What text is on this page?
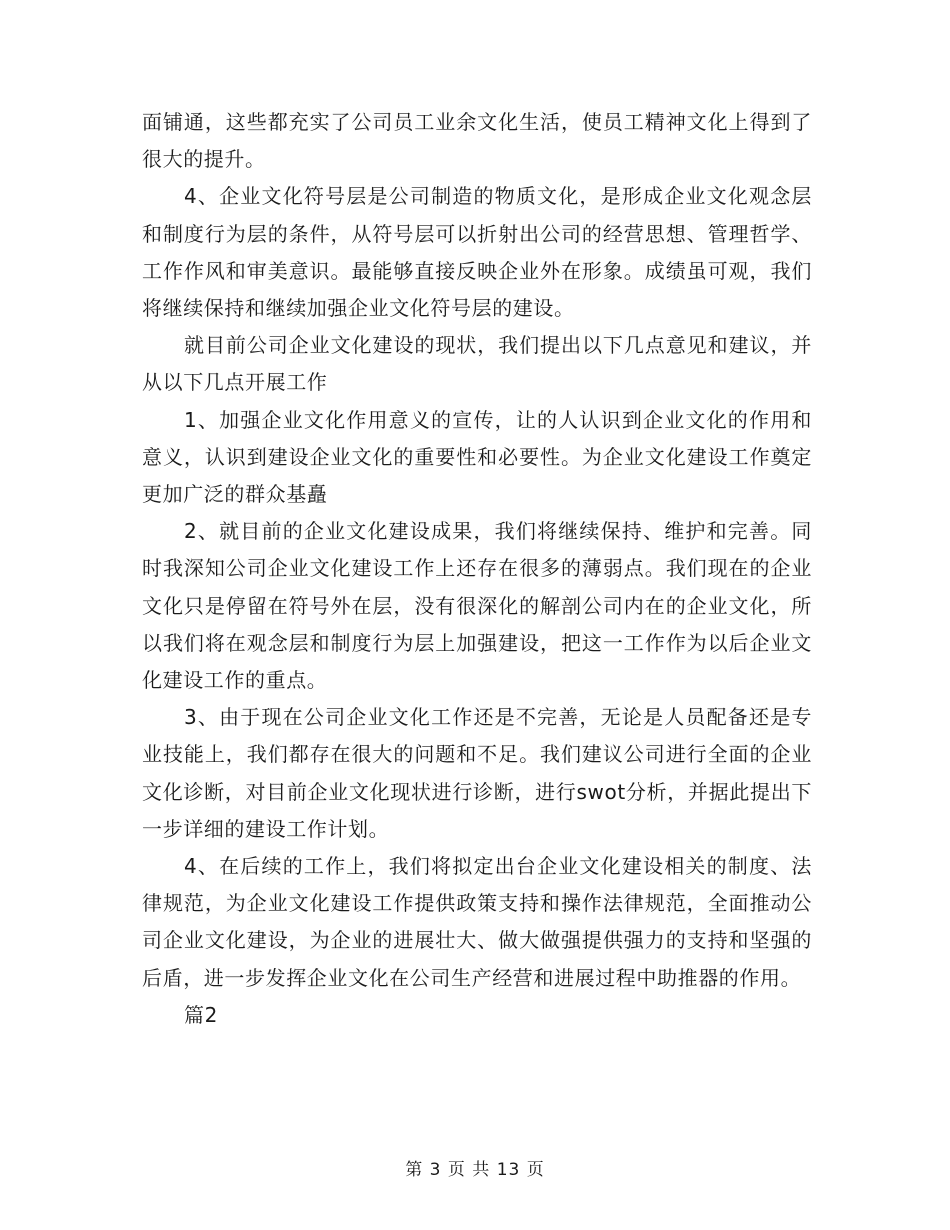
面铺通，这些都充实了公司员工业余文化生活，使员工精神文化上得到了很大的提升。

4、企业文化符号层是公司制造的物质文化，是形成企业文化观念层和制度行为层的条件，从符号层可以折射出公司的经营思想、管理哲学、工作作风和审美意识。最能够直接反映企业外在形象。成绩虽可观，我们将继续保持和继续加强企业文化符号层的建设。

就目前公司企业文化建设的现状，我们提出以下几点意见和建议，并从以下几点开展工作

1、加强企业文化作用意义的宣传，让的人认识到企业文化的作用和意义，认识到建设企业文化的重要性和必要性。为企业文化建设工作奠定更加广泛的群众基矗

2、就目前的企业文化建设成果，我们将继续保持、维护和完善。同时我深知公司企业文化建设工作上还存在很多的薄弱点。我们现在的企业文化只是停留在符号外在层，没有很深化的解剖公司内在的企业文化，所以我们将在观念层和制度行为层上加强建设，把这一工作作为以后企业文化建设工作的重点。

3、由于现在公司企业文化工作还是不完善，无论是人员配备还是专业技能上，我们都存在很大的问题和不足。我们建议公司进行全面的企业文化诊断，对目前企业文化现状进行诊断，进行swot分析，并据此提出下一步详细的建设工作计划。

4、在后续的工作上，我们将拟定出台企业文化建设相关的制度、法律规范，为企业文化建设工作提供政策支持和操作法律规范，全面推动公司企业文化建设，为企业的进展壮大、做大做强提供强力的支持和坚强的后盾，进一步发挥企业文化在公司生产经营和进展过程中助推器的作用。

篇2

第 3 页 共 13 页
